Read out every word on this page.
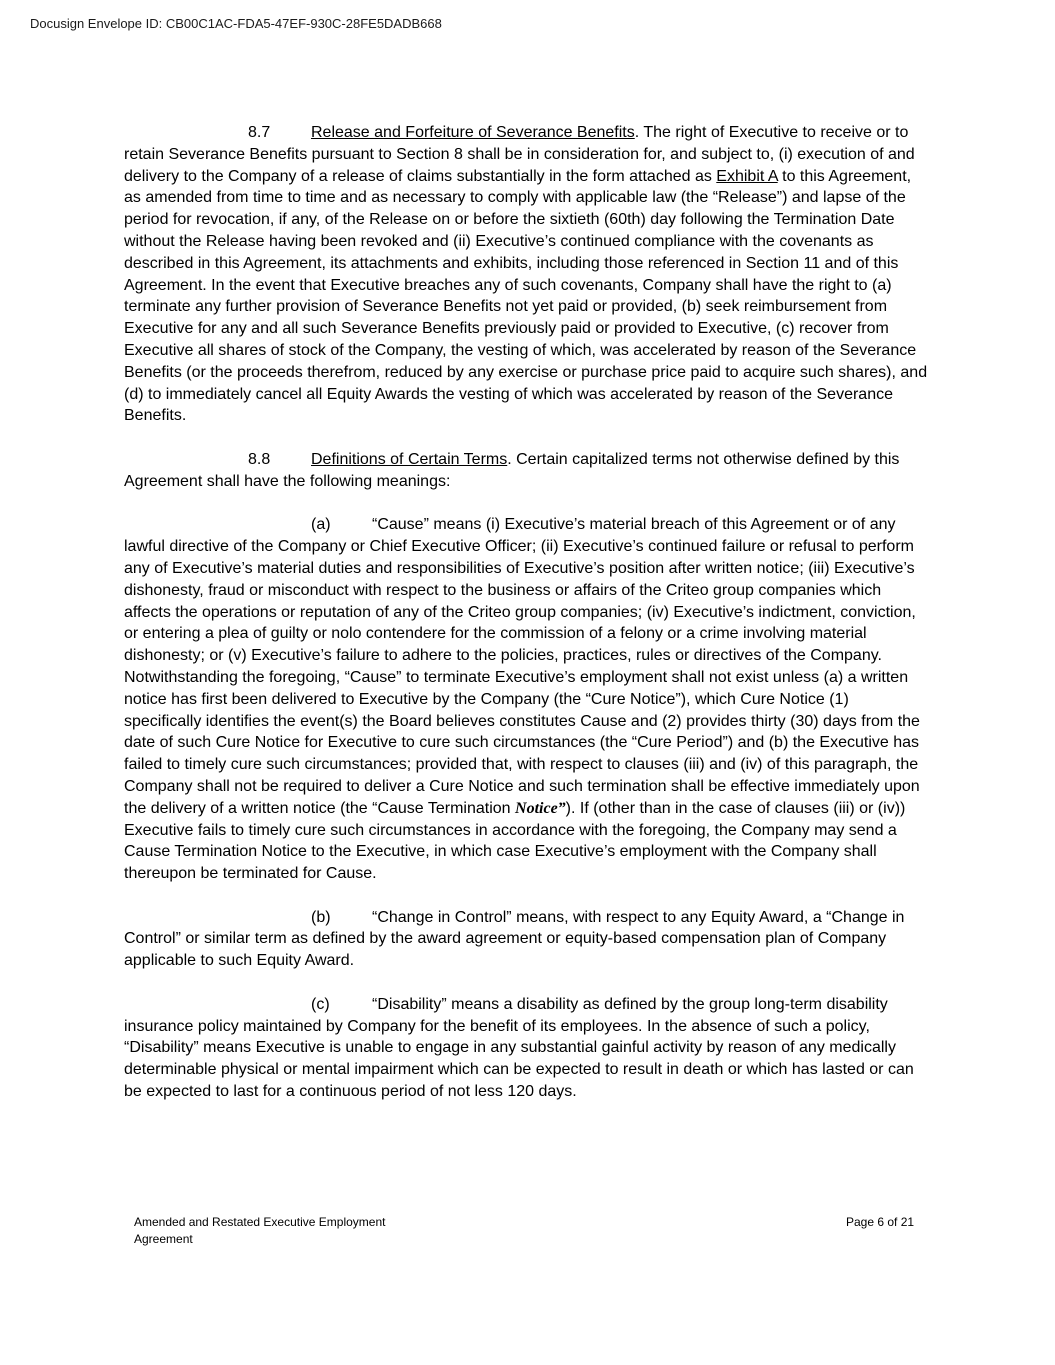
Docusign Envelope ID: CB00C1AC-FDA5-47EF-930C-28FE5DADB668

8.7	Release and Forfeiture of Severance Benefits. The right of Executive to receive or to retain Severance Benefits pursuant to Section 8 shall be in consideration for, and subject to, (i) execution of and delivery to the Company of a release of claims substantially in the form attached as Exhibit A to this Agreement, as amended from time to time and as necessary to comply with applicable law (the “Release”) and lapse of the period for revocation, if any, of the Release on or before the sixtieth (60th) day following the Termination Date without the Release having been revoked and (ii) Executive’s continued compliance with the covenants as described in this Agreement, its attachments and exhibits, including those referenced in Section 11 and of this Agreement. In the event that Executive breaches any of such covenants, Company shall have the right to (a) terminate any further provision of Severance Benefits not yet paid or provided, (b) seek reimbursement from Executive for any and all such Severance Benefits previously paid or provided to Executive, (c) recover from Executive all shares of stock of the Company, the vesting of which, was accelerated by reason of the Severance Benefits (or the proceeds therefrom, reduced by any exercise or purchase price paid to acquire such shares), and (d) to immediately cancel all Equity Awards the vesting of which was accelerated by reason of the Severance Benefits.

8.8	Definitions of Certain Terms. Certain capitalized terms not otherwise defined by this Agreement shall have the following meanings:

(a)	“Cause” means (i) Executive’s material breach of this Agreement or of any lawful directive of the Company or Chief Executive Officer; (ii) Executive’s continued failure or refusal to perform any of Executive’s material duties and responsibilities of Executive’s position after written notice; (iii) Executive’s dishonesty, fraud or misconduct with respect to the business or affairs of the Criteo group companies which affects the operations or reputation of any of the Criteo group companies; (iv) Executive’s indictment, conviction, or entering a plea of guilty or nolo contendere for the commission of a felony or a crime involving material dishonesty; or (v) Executive’s failure to adhere to the policies, practices, rules or directives of the Company. Notwithstanding the foregoing, “Cause” to terminate Executive’s employment shall not exist unless (a) a written notice has first been delivered to Executive by the Company (the “Cure Notice”), which Cure Notice (1) specifically identifies the event(s) the Board believes constitutes Cause and (2) provides thirty (30) days from the date of such Cure Notice for Executive to cure such circumstances (the “Cure Period”) and (b) the Executive has failed to timely cure such circumstances; provided that, with respect to clauses (iii) and (iv) of this paragraph, the Company shall not be required to deliver a Cure Notice and such termination shall be effective immediately upon the delivery of a written notice (the “Cause Termination Notice”). If (other than in the case of clauses (iii) or (iv)) Executive fails to timely cure such circumstances in accordance with the foregoing, the Company may send a Cause Termination Notice to the Executive, in which case Executive’s employment with the Company shall thereupon be terminated for Cause.

(b)	“Change in Control” means, with respect to any Equity Award, a “Change in Control” or similar term as defined by the award agreement or equity-based compensation plan of Company applicable to such Equity Award.

(c)	“Disability” means a disability as defined by the group long-term disability insurance policy maintained by Company for the benefit of its employees. In the absence of such a policy, “Disability” means Executive is unable to engage in any substantial gainful activity by reason of any medically determinable physical or mental impairment which can be expected to result in death or which has lasted or can be expected to last for a continuous period of not less 120 days.

Amended and Restated Executive Employment Agreement
Page 6 of 21
